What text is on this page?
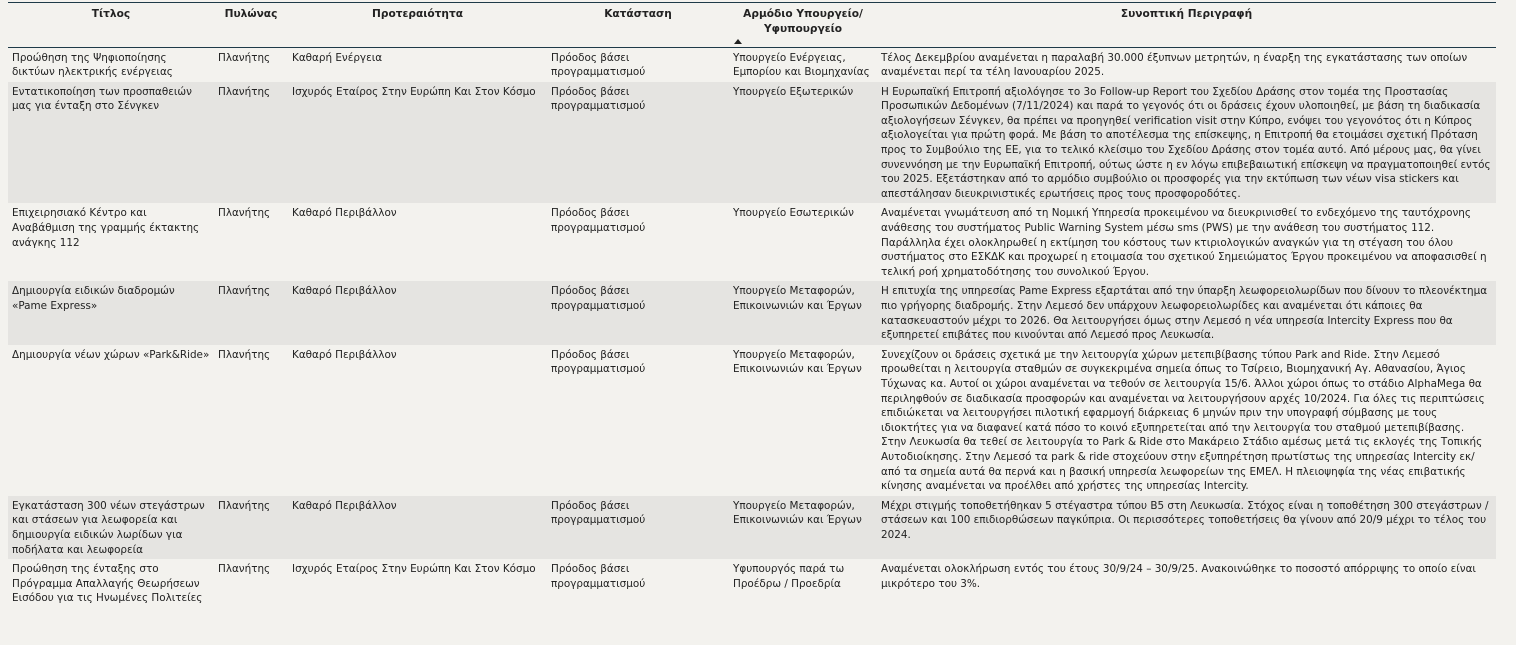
Τίτλος	Πυλώνας	Προτεραιότητα	Κατάσταση	Αρμόδιο Υπουργείο/
Υφυπουργείο	Συνοπτική Περιγραφή
Προώθηση της Ψηφιοποίησης δικτύων ηλεκτρικής ενέργειας	Πλανήτης	Καθαρή Ενέργεια	Πρόοδος βάσει προγραμματισμού	Υπουργείο Ενέργειας, Εμπορίου και Βιομηχανίας	Τέλος Δεκεμβρίου αναμένεται η παραλαβή 30.000 έξυπνων μετρητών, η έναρξη της εγκατάστασης των οποίων αναμένεται περί τα τέλη Ιανουαρίου 2025.
Εντατικοποίηση των προσπαθειών μας για ένταξη στο Σένγκεν	Πλανήτης	Ισχυρός Εταίρος Στην Ευρώπη Και Στον Κόσμο	Πρόοδος βάσει προγραμματισμού	Υπουργείο Εξωτερικών	Η Ευρωπαϊκή Επιτροπή αξιολόγησε το 3ο Follow-up Report του Σχεδίου Δράσης στον τομέα της Προστασίας Προσωπικών Δεδομένων (7/11/2024) και παρά το γεγονός ότι οι δράσεις έχουν υλοποιηθεί, με βάση τη διαδικασία αξιολογήσεων Σένγκεν, θα πρέπει να προηγηθεί verification visit στην Κύπρο, ενόψει του γεγονότος ότι η Κύπρος αξιολογείται για πρώτη φορά. Με βάση το αποτέλεσμα της επίσκεψης, η Επιτροπή θα ετοιμάσει σχετική Πρόταση προς το Συμβούλιο της ΕΕ, για το τελικό κλείσιμο του Σχεδίου Δράσης στον τομέα αυτό. Από μέρους μας, θα γίνει συνεννόηση με την Ευρωπαϊκή Επιτροπή, ούτως ώστε η εν λόγω επιβεβαιωτική επίσκεψη να πραγματοποιηθεί εντός του 2025. Εξετάστηκαν από το αρμόδιο συμβούλιο οι προσφορές για την εκτύπωση των νέων visa stickers και απεστάλησαν διευκρινιστικές ερωτήσεις προς τους προσφοροδότες.
Επιχειρησιακό Κέντρο και Αναβάθμιση της γραμμής έκτακτης ανάγκης 112	Πλανήτης	Καθαρό Περιβάλλον	Πρόοδος βάσει προγραμματισμού	Υπουργείο Εσωτερικών	Αναμένεται γνωμάτευση από τη Νομική Υπηρεσία προκειμένου να διευκρινισθεί το ενδεχόμενο της ταυτόχρονης ανάθεσης του συστήματος Public Warning System μέσω sms (PWS) με την ανάθεση του συστήματος 112. Παράλληλα έχει ολοκληρωθεί η εκτίμηση του κόστους των κτιριολογικών αναγκών για τη στέγαση του όλου συστήματος στο ΕΣΚΔΚ και προχωρεί η ετοιμασία του σχετικού Σημειώματος Έργου προκειμένου να αποφασισθεί η τελική ροή χρηματοδότησης του συνολικού Έργου.
Δημιουργία ειδικών διαδρομών «Pame Express»	Πλανήτης	Καθαρό Περιβάλλον	Πρόοδος βάσει προγραμματισμού	Υπουργείο Μεταφορών, Επικοινωνιών και Έργων	Η επιτυχία της υπηρεσίας Pame Express εξαρτάται από την ύπαρξη λεωφορειολωρίδων που δίνουν το πλεονέκτημα πιο γρήγορης διαδρομής. Στην Λεμεσό δεν υπάρχουν λεωφορειολωρίδες και αναμένεται ότι κάποιες θα κατασκευαστούν μέχρι το 2026. Θα λειτουργήσει όμως στην Λεμεσό η νέα υπηρεσία Intercity Express που θα εξυπηρετεί επιβάτες που κινούνται από Λεμεσό προς Λευκωσία.
Δημιουργία νέων χώρων «Park&Ride»	Πλανήτης	Καθαρό Περιβάλλον	Πρόοδος βάσει προγραμματισμού	Υπουργείο Μεταφορών, Επικοινωνιών και Έργων	Συνεχίζουν οι δράσεις σχετικά με την λειτουργία χώρων μετεπιβίβασης τύπου Park and Ride. Στην Λεμεσό προωθείται η λειτουργία σταθμών σε συγκεκριμένα σημεία όπως το Τσίρειο, Βιομηχανική Αγ. Αθανασίου, Άγιος Τύχωνας κα. Αυτοί οι χώροι αναμένεται να τεθούν σε λειτουργία 15/6. Άλλοι χώροι όπως το στάδιο AlphaMega θα περιληφθούν σε διαδικασία προσφορών και αναμένεται να λειτουργήσουν αρχές 10/2024. Για όλες τις περιπτώσεις επιδιώκεται να λειτουργήσει πιλοτική εφαρμογή διάρκειας 6 μηνών πριν την υπογραφή σύμβασης με τους ιδιοκτήτες για να διαφανεί κατά πόσο το κοινό εξυπηρετείται από την λειτουργία του σταθμού μετεπιβίβασης. Στην Λευκωσία θα τεθεί σε λειτουργία το Park & Ride στο Μακάρειο Στάδιο αμέσως μετά τις εκλογές της Τοπικής Αυτοδιοίκησης. Στην Λεμεσό τα park & ride στοχεύουν στην εξυπηρέτηση πρωτίστως της υπηρεσίας Intercity εκ/ από τα σημεία αυτά θα περνά και η βασική υπηρεσία λεωφορείων της ΕΜΕΛ. Η πλειοψηφία της νέας επιβατικής κίνησης αναμένεται να προέλθει από χρήστες της υπηρεσίας Intercity.
Εγκατάσταση 300 νέων στεγάστρων και στάσεων για λεωφορεία και δημιουργία ειδικών λωρίδων για ποδήλατα και λεωφορεία	Πλανήτης	Καθαρό Περιβάλλον	Πρόοδος βάσει προγραμματισμού	Υπουργείο Μεταφορών, Επικοινωνιών και Έργων	Μέχρι στιγμής τοποθετήθηκαν 5 στέγαστρα τύπου Β5 στη Λευκωσία. Στόχος είναι η τοποθέτηση 300 στεγάστρων / στάσεων και 100 επιδιορθώσεων παγκύπρια. Οι περισσότερες τοποθετήσεις θα γίνουν από 20/9 μέχρι το τέλος του 2024.
Προώθηση της ένταξης στο Πρόγραμμα Απαλλαγής Θεωρήσεων Εισόδου για τις Ηνωμένες Πολιτείες	Πλανήτης	Ισχυρός Εταίρος Στην Ευρώπη Και Στον Κόσμο	Πρόοδος βάσει προγραμματισμού	Υφυπουργός παρά τω Προέδρω / Προεδρία	Αναμένεται ολοκλήρωση εντός του έτους 30/9/24 – 30/9/25. Ανακοινώθηκε το ποσοστό απόρριψης το οποίο είναι μικρότερο του 3%.
